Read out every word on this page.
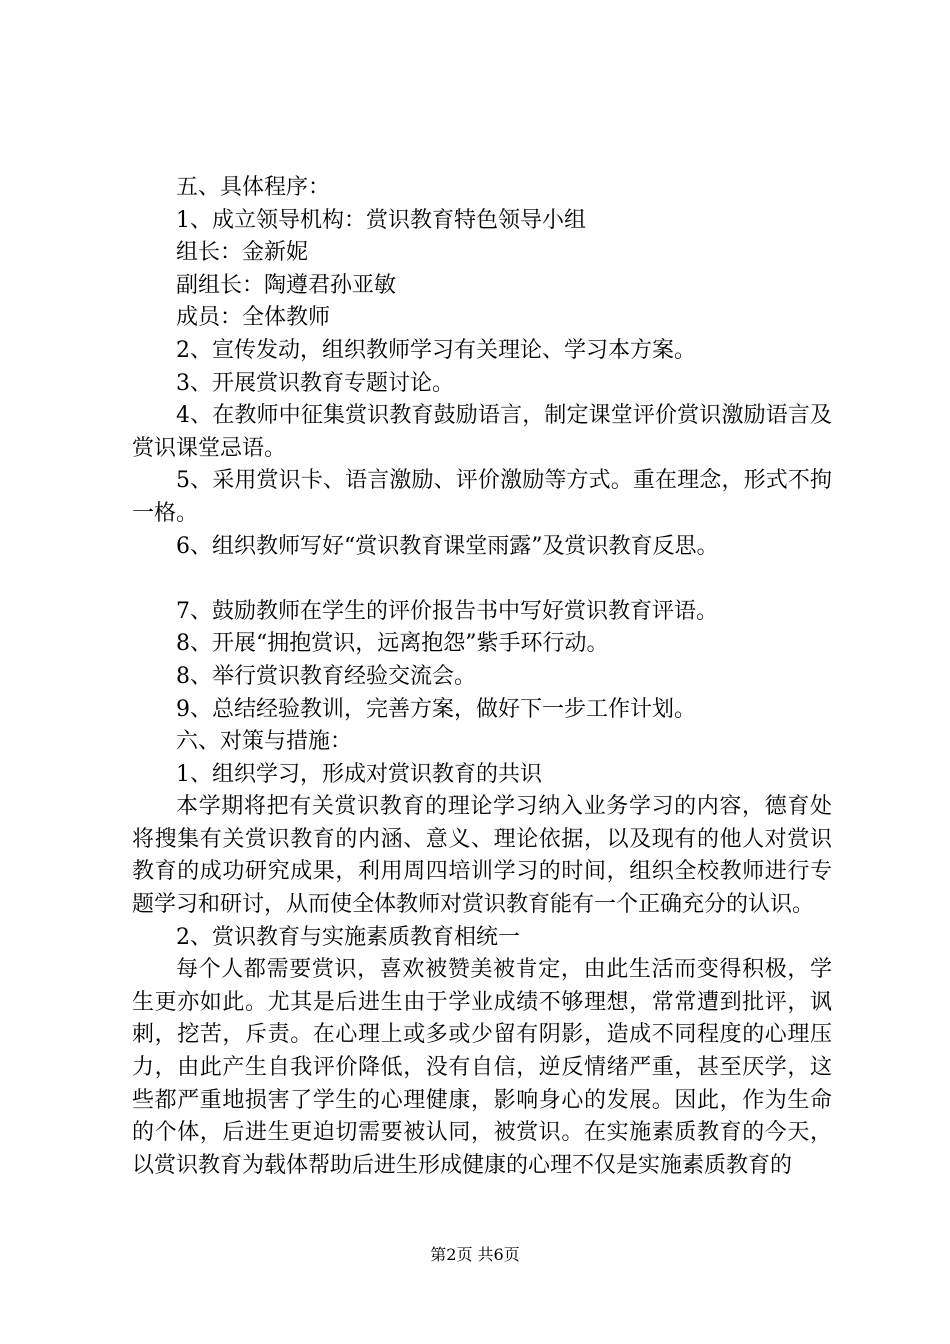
五、具体程序：

1、成立领导机构：赏识教育特色领导小组

组长：金新妮

副组长：陶遵君孙亚敏

成员：全体教师

2、宣传发动，组织教师学习有关理论、学习本方案。

3、开展赏识教育专题讨论。

4、在教师中征集赏识教育鼓励语言，制定课堂评价赏识激励语言及赏识课堂忌语。

5、采用赏识卡、语言激励、评价激励等方式。重在理念，形式不拘一格。

6、组织教师写好“赏识教育课堂雨露”及赏识教育反思。

7、鼓励教师在学生的评价报告书中写好赏识教育评语。

8、开展“拥抱赏识，远离抱怨”紫手环行动。

8、举行赏识教育经验交流会。

9、总结经验教训，完善方案，做好下一步工作计划。

六、对策与措施：

1、组织学习，形成对赏识教育的共识

本学期将把有关赏识教育的理论学习纳入业务学习的内容，德育处将搜集有关赏识教育的内涵、意义、理论依据，以及现有的他人对赏识教育的成功研究成果，利用周四培训学习的时间，组织全校教师进行专题学习和研讨，从而使全体教师对赏识教育能有一个正确充分的认识。

2、赏识教育与实施素质教育相统一

每个人都需要赏识，喜欢被赞美被肯定，由此生活而变得积极，学生更亦如此。尤其是后进生由于学业成绩不够理想，常常遭到批评，讽刺，挖苦，斥责。在心理上或多或少留有阴影，造成不同程度的心理压力，由此产生自我评价降低，没有自信，逆反情绪严重，甚至厌学，这些都严重地损害了学生的心理健康，影响身心的发展。因此，作为生命的个体，后进生更迫切需要被认同，被赏识。在实施素质教育的今天，以赏识教育为载体帮助后进生形成健康的心理不仅是实施素质教育的

第2页 共6页
